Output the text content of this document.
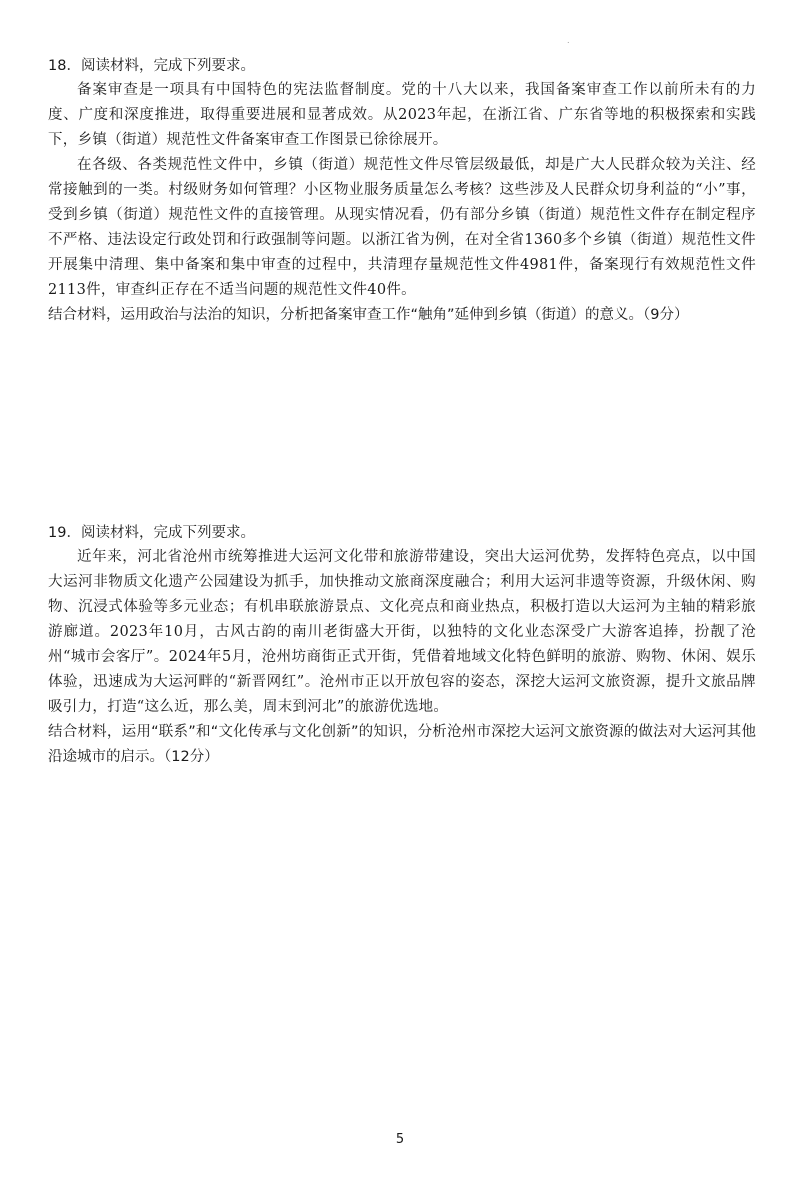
.

18．阅读材料，完成下列要求。

备案审查是一项具有中国特色的宪法监督制度。党的十八大以来，我国备案审查工作以前所未有的力度、广度和深度推进，取得重要进展和显著成效。从2023年起，在浙江省、广东省等地的积极探索和实践下，乡镇（街道）规范性文件备案审查工作图景已徐徐展开。

在各级、各类规范性文件中，乡镇（街道）规范性文件尽管层级最低，却是广大人民群众较为关注、经常接触到的一类。村级财务如何管理？小区物业服务质量怎么考核？这些涉及人民群众切身利益的“小”事，受到乡镇（街道）规范性文件的直接管理。从现实情况看，仍有部分乡镇（街道）规范性文件存在制定程序不严格、违法设定行政处罚和行政强制等问题。以浙江省为例，在对全省1360多个乡镇（街道）规范性文件开展集中清理、集中备案和集中审查的过程中，共清理存量规范性文件4981件，备案现行有效规范性文件2113件，审查纠正存在不适当问题的规范性文件40件。

结合材料，运用政治与法治的知识，分析把备案审查工作“触角”延伸到乡镇（街道）的意义。（9分）

19．阅读材料，完成下列要求。

近年来，河北省沧州市统筹推进大运河文化带和旅游带建设，突出大运河优势，发挥特色亮点，以中国大运河非物质文化遗产公园建设为抓手，加快推动文旅商深度融合；利用大运河非遗等资源，升级休闲、购物、沉浸式体验等多元业态；有机串联旅游景点、文化亮点和商业热点，积极打造以大运河为主轴的精彩旅游廊道。2023年10月，古风古韵的南川老街盛大开街，以独特的文化业态深受广大游客追捧，扮靓了沧州“城市会客厅”。2024年5月，沧州坊商街正式开街，凭借着地域文化特色鲜明的旅游、购物、休闲、娱乐体验，迅速成为大运河畔的“新晋网红”。沧州市正以开放包容的姿态，深挖大运河文旅资源，提升文旅品牌吸引力，打造“这么近，那么美，周末到河北”的旅游优选地。

结合材料，运用“联系”和“文化传承与文化创新”的知识，分析沧州市深挖大运河文旅资源的做法对大运河其他沿途城市的启示。（12分）

5
